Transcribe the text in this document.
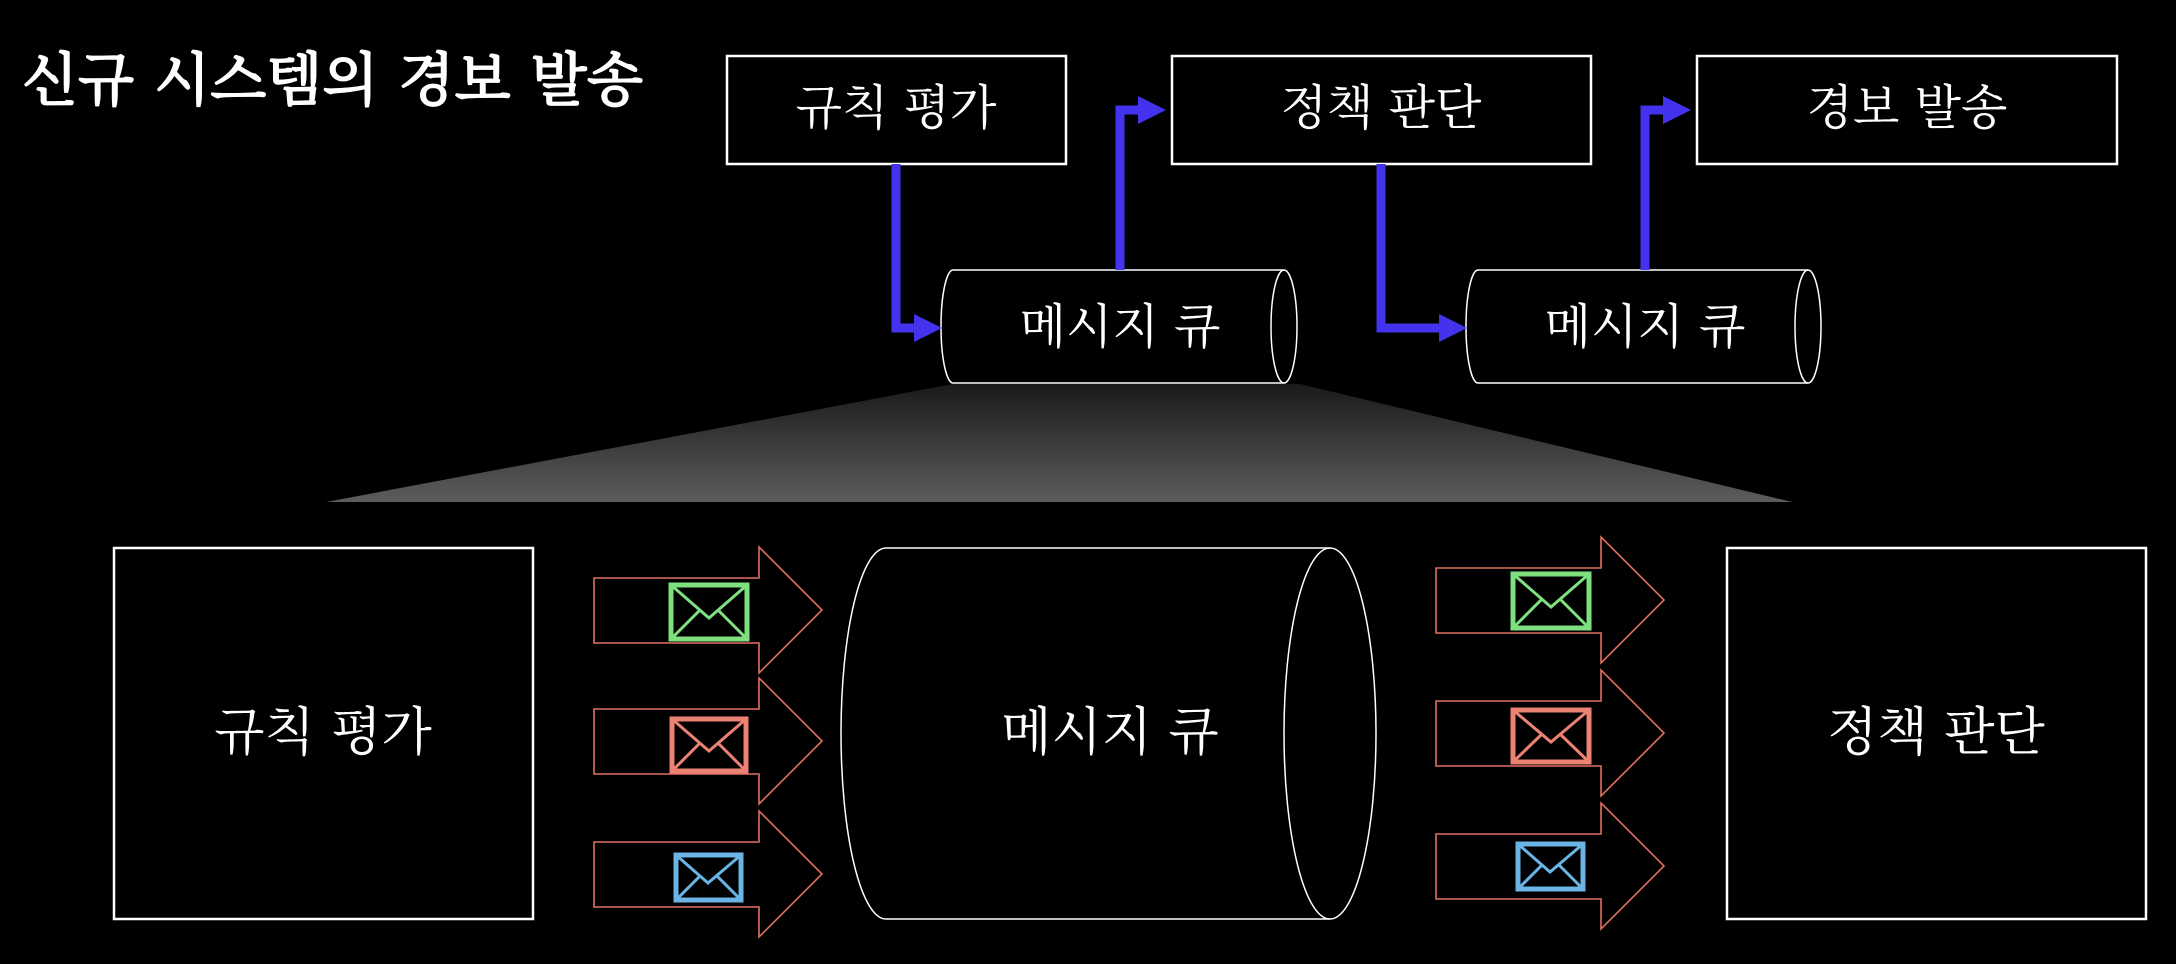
신규 시스템의 경보 발송	규칙 평가	정책 판단	경보 발송
메시지 큐	메시지 큐
규칙 평가	정책 판단
메시지 큐
